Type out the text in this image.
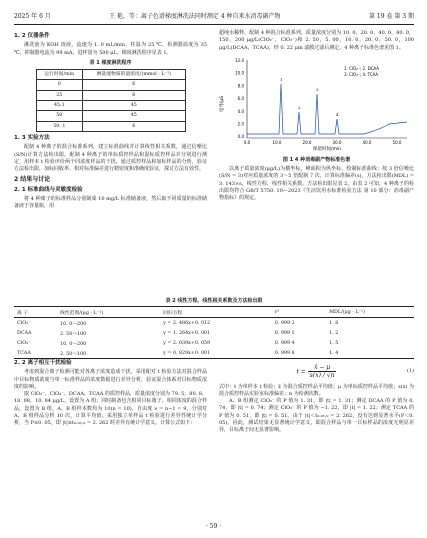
2025 年 6 月	王 艳，等：离子色谱梯度淋洗法同时测定 4 种自来水消毒副产物	第 19 卷 第 3 期

1. 2 仪器条件

淋洗液为 KOH 溶液，流速为 1. 0 mL/min，柱温为 25 ℃，检测器温度为 35 ℃，抑制器电流为 99 mA，进样量为 500 μL。梯度淋洗程序见表 1。

表 1 梯度淋洗程序
运行时间/min	淋洗液物质的量浓度/(mmol · L⁻¹)
0	6
25	6
45.1	45
50	45
50. 1	6

1. 3 实验方法

配制 4 种离子的混合标准系列，建立标准曲线并计算线性相关系数，通过信噪比(S/N)计算方法检出限。配制 4 种离子的单标质控样品和混标质控样品并分别进行测定，用样本 t 检验评价两个同浓度样品的干扰。通过质控样品和加标样品的分析，验证方法检出限，加标回收率、相对标准偏差进行精密度和准确度验证，探讨方法有效性。

2 结果与讨论

2. 1 标准曲线与灵敏度检验

将 4 种离子的标准样品分别制成 10 mg/L 标准储备液，然后取不同质量的标准储备液于容量瓶，用

超纯水稀释，配制 4 种混合标准系列，质量浓度分别为 10. 0，20. 0，40. 0，80. 0，150，200 μg/L(ClO₂⁻，ClO₃⁻)和 2. 50，5. 00，10. 0，20. 0，50. 0，100 μg/L(DCAA，TCAA)，经 0. 22 μm 滤膜过滤后测定，4 种离子标准色谱见图 1。

电导/μS
12.0
10.0
8.0
6.0
4.0
2.0
0.0
0.0	10.0	20.0	30.0	40.0	50.0
1
2
3
4
1. ClO₂⁻; 2. DCAA
3. ClO₃⁻; 4. TCAA
保留时间/min
图 1 4 种消毒副产物标准色谱

以离子质量浓度(μg/L)为横坐标，峰面积为纵坐标，绘制标准曲线；按 3 倍信噪比(S/N = 3)对应质量浓度的 3～5 倍配制 7 次，计算标准偏差(s)，方法检出限(MDL) = 3. 143×s，线性方程、线性相关系数、方法检出限见表 2。由表 2 可知，4 种离子的检出限均符合 GB/T 5750. 10—2023《生活饮用水标准检验方法 第 10 部分：消毒副产物指标》的规定。

表 2 线性方程、线性相关系数及方法检出限
离 子	线性范围/(μg · L⁻¹)	回归方程	r²	MDL/(μg · L⁻¹)
ClO₂⁻	10. 0～200	y = 2. 486x+0. 012	0. 999 2	1. 8
DCAA	2. 50～100	y = 1. 264x+0. 001	0. 999 1	1. 2
ClO₃⁻	10. 0～200	y = 2. 039x+0. 059	0. 999 4	1. 5
TCAA	2. 50～100	y = 0. 829x+0. 001	0. 999 8	1. 4

2. 2 离子相互干扰检验

考虑到混合离子检测可能对各离子浓度造成干扰，采用配对 t 检验方法对混合样品中目标物质浓度与单一标准样品的浓度数据进行差异分析，验证混合体系对目标物质浓度的影响。

取 ClO₂⁻、ClO₃⁻、DCAA，TCAA 的质控样品，质量浓度分别为 79. 5，80. 8，18. 08，10. 84 μg/L，设置为 A 组；同时制备包含相同目标离子、相同浓度的混合样品，设置为 B 组。A、B 组样本数均为 10(n = 10)，自由度 ν = n−1 = 9，分别对 A、B 组样品分析 10 次，计算平均值。采用独立单样品 t 检验进行差异性统计学分析，当 P≤0. 05，即 |t|≥t₀.₀₅,₉ = 2. 262 时差异有统计学意义。计算公式如下：

$t = \frac{x̄ - \mu}{s(x) / √n}$	(1)

式中：t 为单样本 t 检验；x̄ 为混合质控样品平均值；μ 为单标质控样品平均值；s(x) 为混合质控样品实验室标准偏差；n 为检测次数。

A、B 组测定 ClO₂⁻ 的 P 值为 1. 31，即 |t| = 1. 31；测定 DCAA 的 P 值为 0. 74，即 |t| = 0. 74；测定 ClO₃⁻ 的 P 值为 −1. 22，即 |t| = 1. 22；测定 TCAA 的 P 值为 0. 51，即 |t| = 0. 51。由于 |t|＜t₀.₀₅,₉ = 2. 262，没有达到显著水平(P＜0. 05)。因此，测试结果无显著统计学意义，即混合样品与单一目标样品的浓度无明显差异，目标离子间无显著影响。

· 59 ·
